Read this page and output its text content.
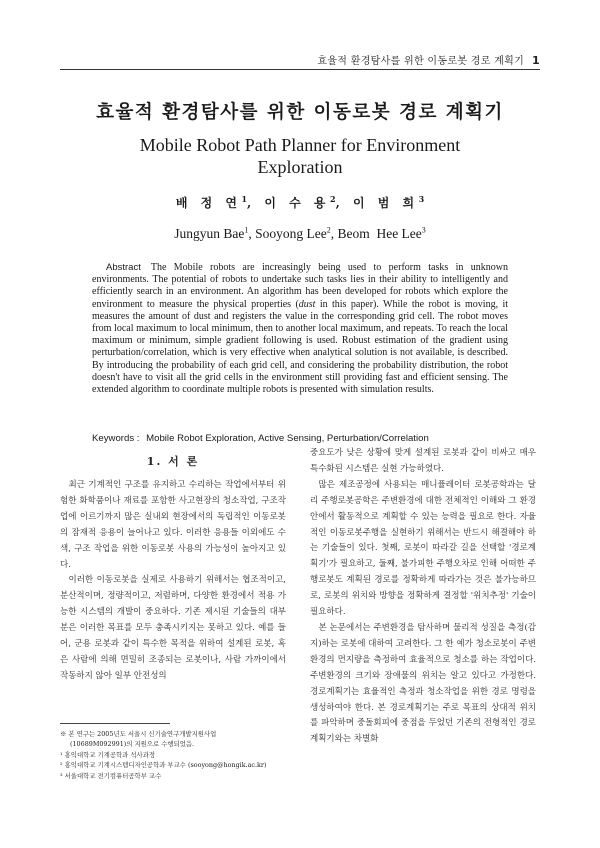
효율적 환경탐사를 위한 이동로봇 경로 계획기 1
효율적 환경탐사를 위한 이동로봇 경로 계획기
Mobile Robot Path Planner for Environment
Exploration
배 정 연$^1$, 이 수 용$^2$, 이 범 희$^3$
Jungyun Bae$^1$, Sooyong Lee$^2$, Beom  Hee Lee$^3$
Abstract The Mobile robots are increasingly being used to perform tasks in unknown environments. The potential of robots to undertake such tasks lies in their ability to intelligently and efficiently search in an environment. An algorithm has been developed for robots which explore the environment to measure the physical properties (dust in this paper). While the robot is moving, it measures the amount of dust and registers the value in the corresponding grid cell. The robot moves from local maximum to local minimum, then to another local maximum, and repeats. To reach the local maximum or minimum, simple gradient following is used. Robust estimation of the gradient using perturbation/correlation, which is very effective when analytical solution is not available, is described. By introducing the probability of each grid cell, and considering the probability distribution, the robot doesn't have to visit all the grid cells in the environment still providing fast and efficient sensing. The extended algorithm to coordinate multiple robots is presented with simulation results.
Keywords : Mobile Robot Exploration, Active Sensing, Perturbation/Correlation
1. 서 론

최근 기계적인 구조를 유지하고 수리하는 작업에서부터 위험한 화학품이나 재료를 포함한 사고현장의 청소작업, 구조작업에 이르기까지 많은 실내외 현장에서의 독립적인 이동로봇의 잠재적 응용이 늘어나고 있다. 이러한 응용들 이외에도 수색, 구조 작업을 위한 이동로봇 사용의 가능성이 높아지고 있다.

이러한 이동로봇을 실제로 사용하기 위해서는 협조적이고, 분산적이며, 정량적이고, 저렴하며, 다양한 환경에서 적용 가능한 시스템의 개발이 중요하다. 기존 제시된 기술들의 대부분은 이러한 목표를 모두 충족시키지는 못하고 있다. 예를 들어, 군용 로봇과 같이 특수한 목적을 위하여 설계된 로봇, 혹은 사람에 의해 면밀히 조종되는 로봇이나, 사람 가까이에서 작동하지 않아 일부 안전성의

중요도가 낮은 상황에 맞게 설계된 로봇과 같이 비싸고 매우 특수화된 시스템은 실현 가능하였다.

많은 제조공정에 사용되는 매니퓰레이터 로봇공학과는 달리 주행로봇공학은 주변환경에 대한 전체적인 이해와 그 환경 안에서 활동적으로 계획할 수 있는 능력을 필요로 한다. 자율적인 이동로봇주행을 실현하기 위해서는 반드시 해결해야 하는 기술들이 있다. 첫째, 로봇이 따라갈 길을 선택할 '경로계획기'가 필요하고, 둘째, 불가피한 주행오차로 인해 어떠한 주행로봇도 계획된 경로를 정확하게 따라가는 것은 불가능하므로, 로봇의 위치와 방향을 정확하게 결정할 '위치추정' 기술이 필요하다.

본 논문에서는 주변환경을 탐사하며 물리적 성질을 측정(감지)하는 로봇에 대하여 고려한다. 그 한 예가 청소로봇이 주변환경의 먼지량을 측정하여 효율적으로 청소를 하는 작업이다. 주변환경의 크기와 장애물의 위치는 알고 있다고 가정한다. 경로계획기는 효율적인 측정과 청소작업을 위한 경로 명령을 생성하여야 한다. 본 경로계획기는 주로 목표의 상대적 위치를 파악하며 중돌회피에 중점을 두었던 기존의 전형적인 경로계획기와는 차별화

※ 본 연구는 2005년도 서울시 신기술연구개발지원사업
(10689M092991)의 지원으로 수행되었음.
¹ 홍익대학교 기계공학과 석사과정
² 홍익대학교 기계시스템디자인공학과 부교수 (sooyong@hongik.ac.kr)
³ 서울대학교 전기컴퓨터공학부 교수
